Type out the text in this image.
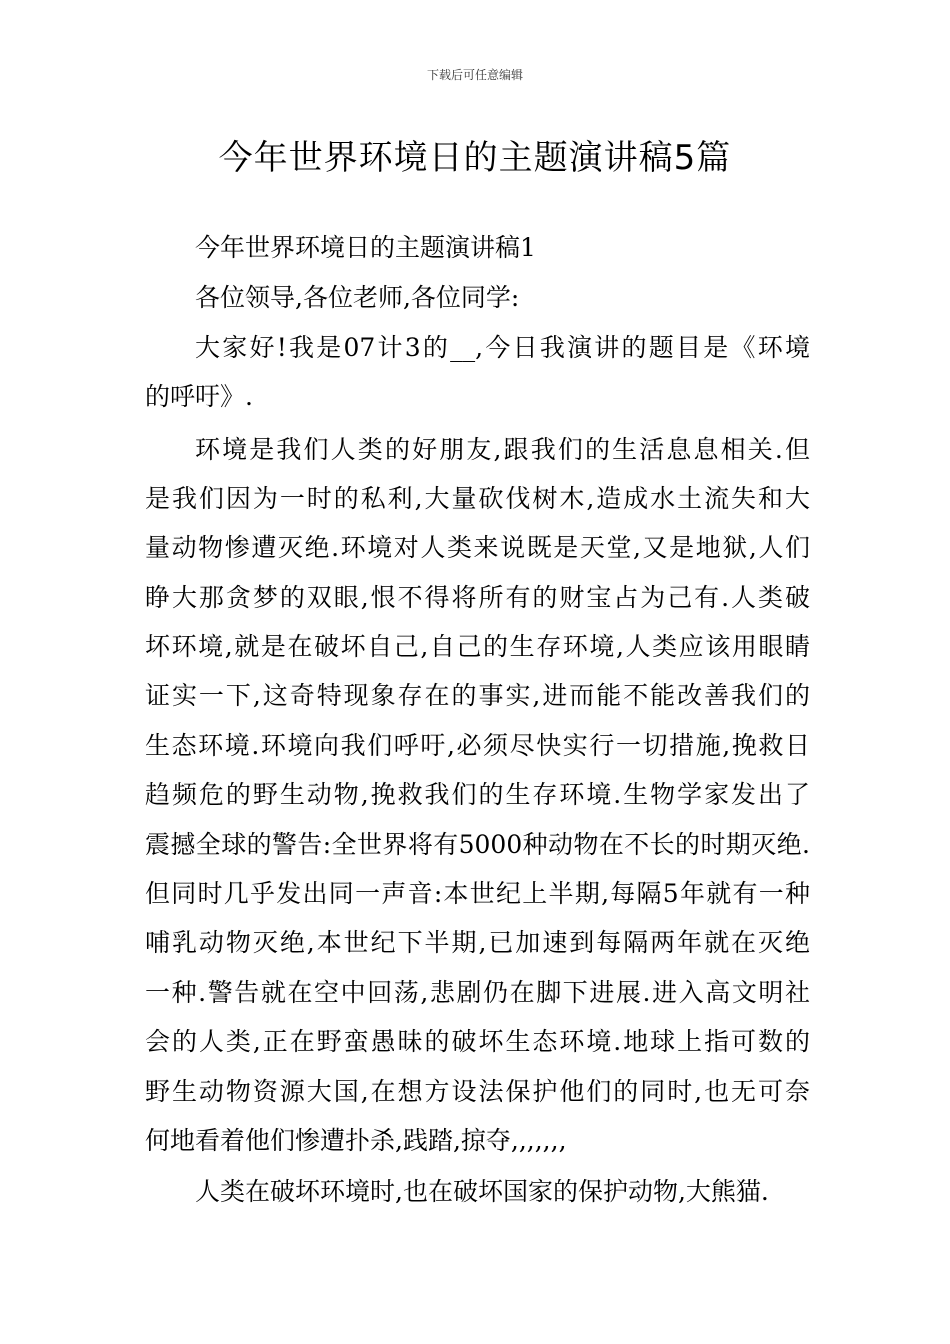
下载后可任意编辑
今年世界环境日的主题演讲稿5篇
今年世界环境日的主题演讲稿1
各位领导,各位老师,各位同学:
大家好!我是07计3的__,今日我演讲的题目是《环境
的呼吁》.
环境是我们人类的好朋友,跟我们的生活息息相关.但
是我们因为一时的私利,大量砍伐树木,造成水土流失和大
量动物惨遭灭绝.环境对人类来说既是天堂,又是地狱,人们
睁大那贪梦的双眼,恨不得将所有的财宝占为己有.人类破
坏环境,就是在破坏自己,自己的生存环境,人类应该用眼睛
证实一下,这奇特现象存在的事实,进而能不能改善我们的
生态环境.环境向我们呼吁,必须尽快实行一切措施,挽救日
趋频危的野生动物,挽救我们的生存环境.生物学家发出了
震撼全球的警告:全世界将有5000种动物在不长的时期灭绝.
但同时几乎发出同一声音:本世纪上半期,每隔5年就有一种
哺乳动物灭绝,本世纪下半期,已加速到每隔两年就在灭绝
一种.警告就在空中回荡,悲剧仍在脚下进展.进入高文明社
会的人类,正在野蛮愚昧的破坏生态环境.地球上指可数的
野生动物资源大国,在想方设法保护他们的同时,也无可奈
何地看着他们惨遭扑杀,践踏,掠夺,,,,,,,
人类在破坏环境时,也在破坏国家的保护动物,大熊猫.
